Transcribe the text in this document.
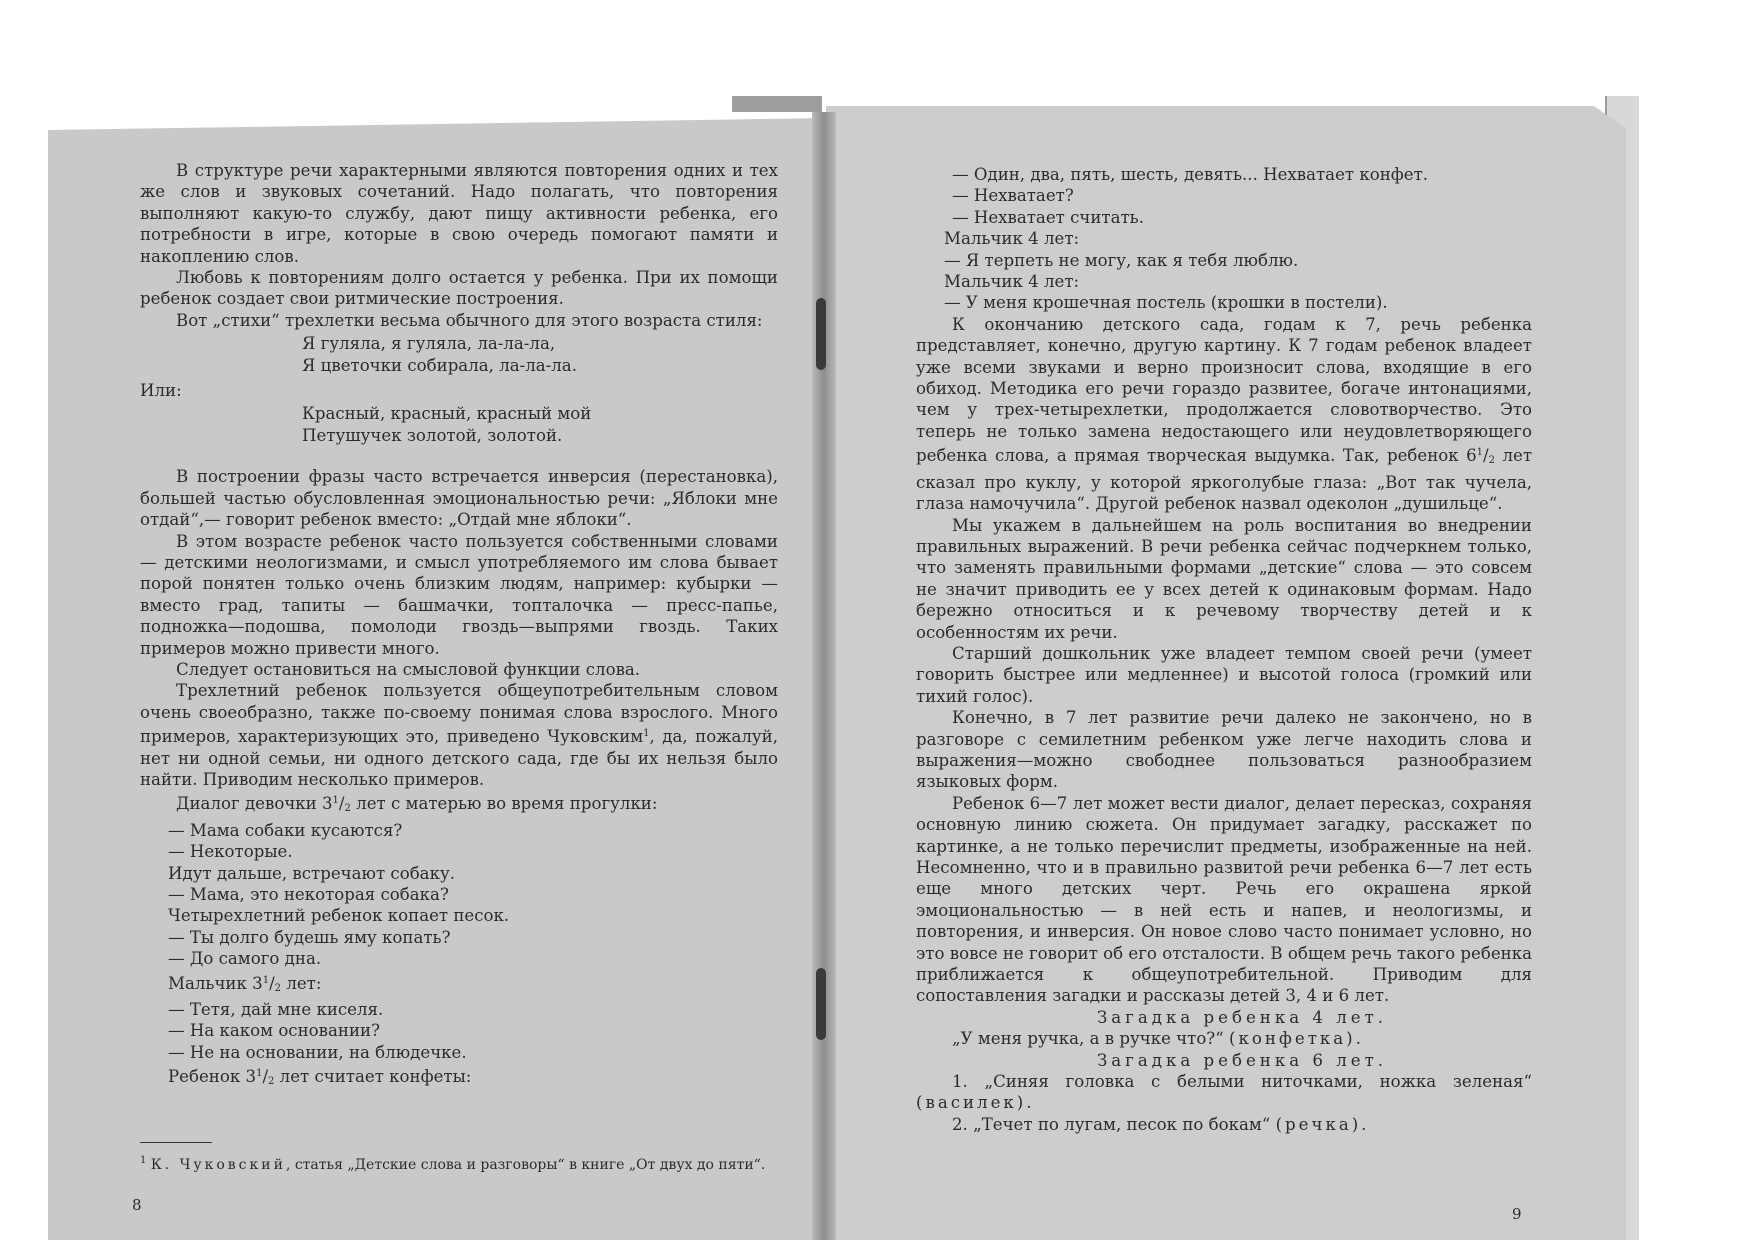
В структуре речи характерными являются повторения одних и тех же слов и звуковых сочетаний. Надо полагать, что повторения выполняют какую-то службу, дают пищу активности ребенка, его потребности в игре, которые в свою очередь помогают памяти и накоплению слов.

Любовь к повторениям долго остается у ребенка. При их помощи ребенок создает свои ритмические построения.

Вот „стихи“ трехлетки весьма обычного для этого возраста стиля:

Я гуляла, я гуляла, ла-ла-ла,
Я цветочки собирала, ла-ла-ла.

Или:

Красный, красный, красный мой
Петушучек золотой, золотой.

В построении фразы часто встречается инверсия (перестановка), большей частью обусловленная эмоциональностью речи: „Яблоки мне отдай“,— говорит ребенок вместо: „Отдай мне яблоки“.

В этом возрасте ребенок часто пользуется собственными словами — детскими неологизмами, и смысл употребляемого им слова бывает порой понятен только очень близким людям, например: кубырки — вместо град, тапиты — башмачки, топталочка — пресс-папье, подножка—подошва, помолоди гвоздь—выпрями гвоздь. Таких примеров можно привести много.

Следует остановиться на смысловой функции слова.

Трехлетний ребенок пользуется общеупотребительным словом очень своеобразно, также по-своему понимая слова взрослого. Много примеров, характеризующих это, приведено Чуковским$^1$, да, пожалуй, нет ни одной семьи, ни одного детского сада, где бы их нельзя было найти. Приводим несколько примеров.

Диалог девочки $3^1/_2$ лет с матерью во время прогулки:

— Мама собаки кусаются?

— Некоторые.

Идут дальше, встречают собаку.

— Мама, это некоторая собака?

Четырехлетний ребенок копает песок.

— Ты долго будешь яму копать?

— До самого дна.

Мальчик $3^1/_2$ лет:

— Тетя, дай мне киселя.

— На каком основании?

— Не на основании, на блюдечке.

Ребенок $3^1/_2$ лет считает конфеты:

$^1$ К. Чуковский, статья „Детские слова и разговоры“ в книге „От двух до пяти“.
8

— Один, два, пять, шесть, девять... Нехватает конфет.

— Нехватает?

— Нехватает считать.

Мальчик 4 лет:

— Я терпеть не могу, как я тебя люблю.

Мальчик 4 лет:

— У меня крошечная постель (крошки в постели).

К окончанию детского сада, годам к 7, речь ребенка представляет, конечно, другую картину. К 7 годам ребенок владеет уже всеми звуками и верно произносит слова, входящие в его обиход. Методика его речи гораздо развитее, богаче интонациями, чем у трех-четырехлетки, продолжается словотворчество. Это теперь не только замена недостающего или неудовлетворяющего ребенка слова, а прямая творческая выдумка. Так, ребенок $6^1/_2$ лет сказал про куклу, у которой яркоголубые глаза: „Вот так чучела, глаза намочучила“. Другой ребенок назвал одеколон „душильце“.

Мы укажем в дальнейшем на роль воспитания во внедрении правильных выражений. В речи ребенка сейчас подчеркнем только, что заменять правильными формами „детские“ слова — это совсем не значит приводить ее у всех детей к одинаковым формам. Надо бережно относиться и к речевому творчеству детей и к особенностям их речи.

Старший дошкольник уже владеет темпом своей речи (умеет говорить быстрее или медленнее) и высотой голоса (громкий или тихий голос).

Конечно, в 7 лет развитие речи далеко не закончено, но в разговоре с семилетним ребенком уже легче находить слова и выражения—можно свободнее пользоваться разнообразием языковых форм.

Ребенок 6—7 лет может вести диалог, делает пересказ, сохраняя основную линию сюжета. Он придумает загадку, расскажет по картинке, а не только перечислит предметы, изображенные на ней. Несомненно, что и в правильно развитой речи ребенка 6—7 лет есть еще много детских черт. Речь его окрашена яркой эмоциональностью — в ней есть и напев, и неологизмы, и повторения, и инверсия. Он новое слово часто понимает условно, но это вовсе не говорит об его отсталости. В общем речь такого ребенка приближается к общеупотребительной. Приводим для сопоставления загадки и рассказы детей 3, 4 и 6 лет.

Загадка ребенка 4 лет.

„У меня ручка, а в ручке что?“ (конфетка).

Загадка ребенка 6 лет.

1. „Синяя головка с белыми ниточками, ножка зеленая“ (василек).

2. „Течет по лугам, песок по бокам“ (речка).

9
